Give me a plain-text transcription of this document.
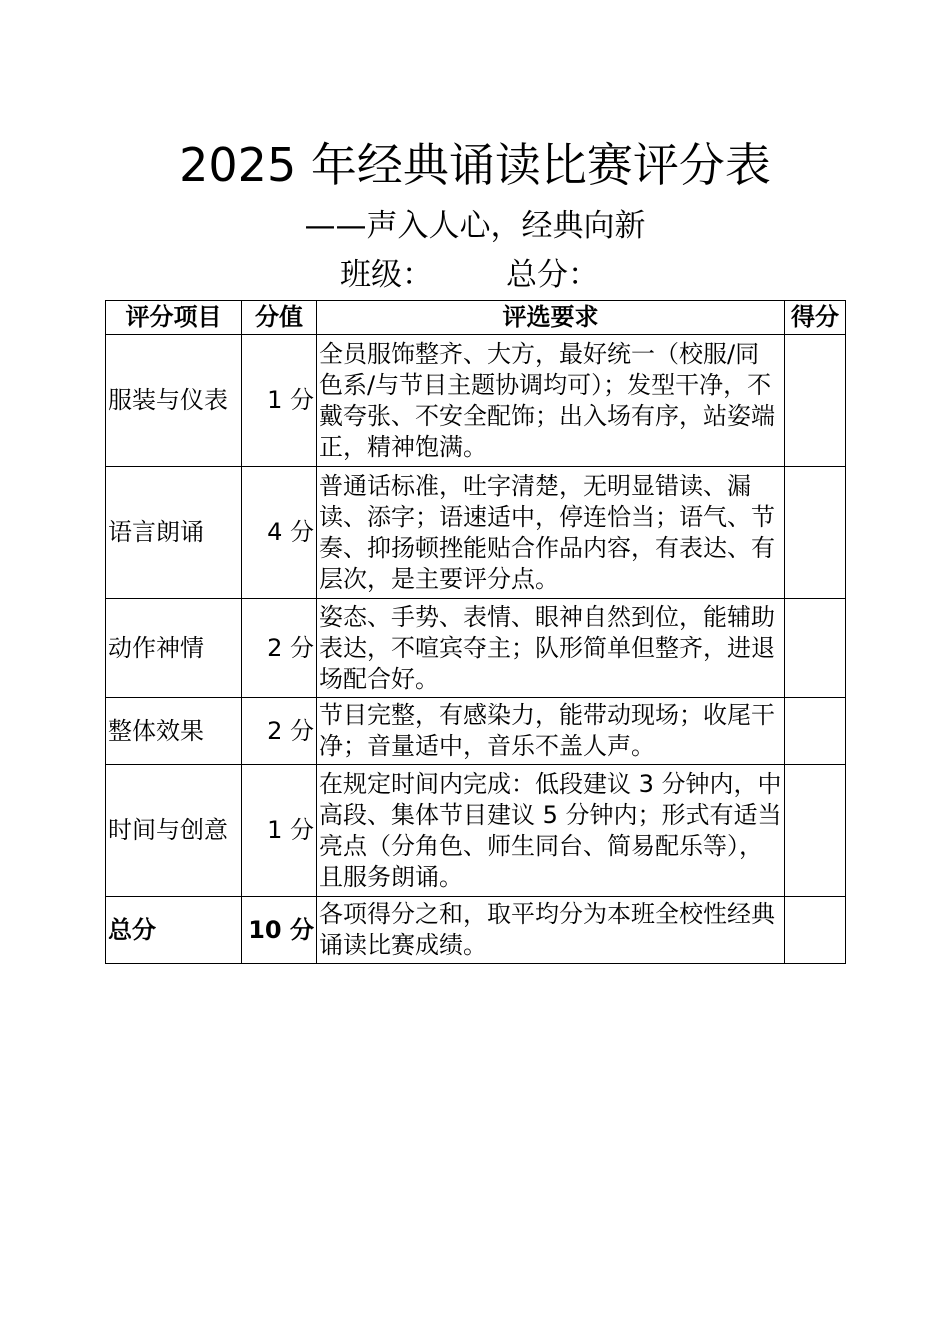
2025 年经典诵读比赛评分表
——声入人心，经典向新
班级： 总分：
评分项目	分值	评选要求	得分
服装与仪表	1 分	全员服饰整齐、大方，最好统一（校服/同色系/与节目主题协调均可）；发型干净，不戴夸张、不安全配饰；出入场有序，站姿端正，精神饱满。	
语言朗诵	4 分	普通话标准，吐字清楚，无明显错读、漏读、添字；语速适中，停连恰当；语气、节奏、抑扬顿挫能贴合作品内容，有表达、有层次，是主要评分点。	
动作神情	2 分	姿态、手势、表情、眼神自然到位，能辅助表达，不喧宾夺主；队形简单但整齐，进退场配合好。	
整体效果	2 分	节目完整，有感染力，能带动现场；收尾干净；音量适中，音乐不盖人声。	
时间与创意	1 分	在规定时间内完成：低段建议 3 分钟内，中高段、集体节目建议 5 分钟内；形式有适当亮点（分角色、师生同台、简易配乐等），且服务朗诵。	
总分	10 分	各项得分之和，取平均分为本班全校性经典诵读比赛成绩。	
